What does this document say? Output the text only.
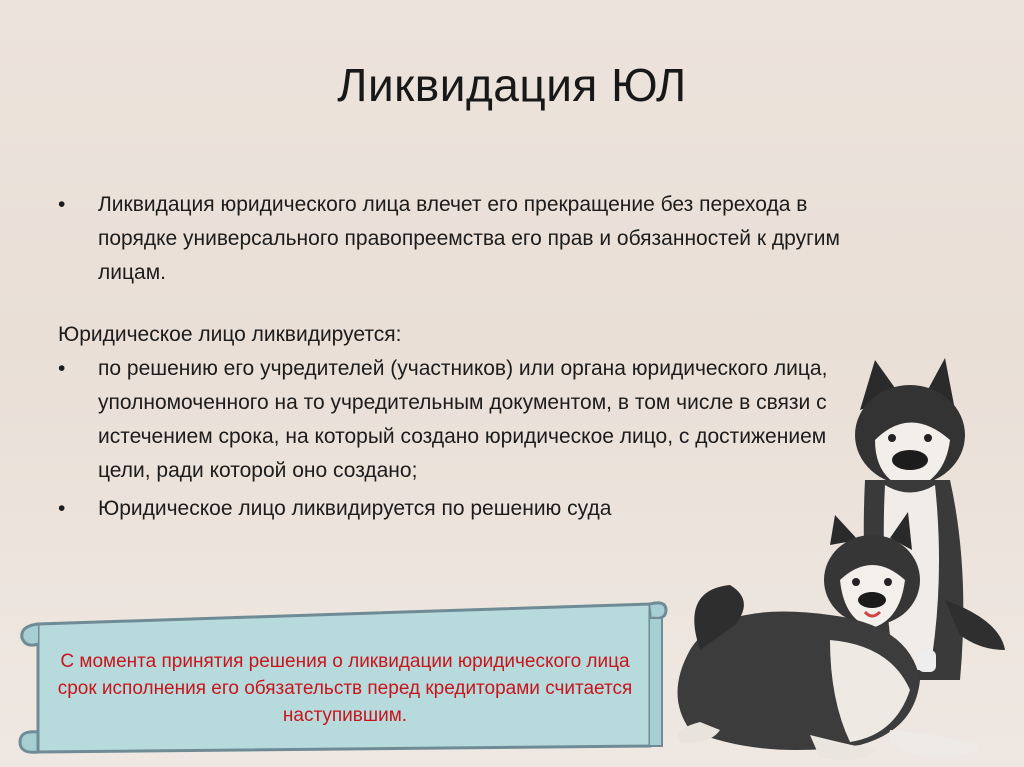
Ликвидация ЮЛ
• Ликвидация юридического лица влечет его прекращение без перехода в порядке универсального правопреемства его прав и обязанностей к другим лицам.
Юридическое лицо ликвидируется:
• по решению его учредителей (участников) или органа юридического лица, уполномоченного на то учредительным документом, в том числе в связи с истечением срока, на который создано юридическое лицо, с достижением цели, ради которой оно создано;
• Юридическое лицо ликвидируется по решению суда
С момента принятия решения о ликвидации юридического лица срок исполнения его обязательств перед кредиторами считается наступившим.
